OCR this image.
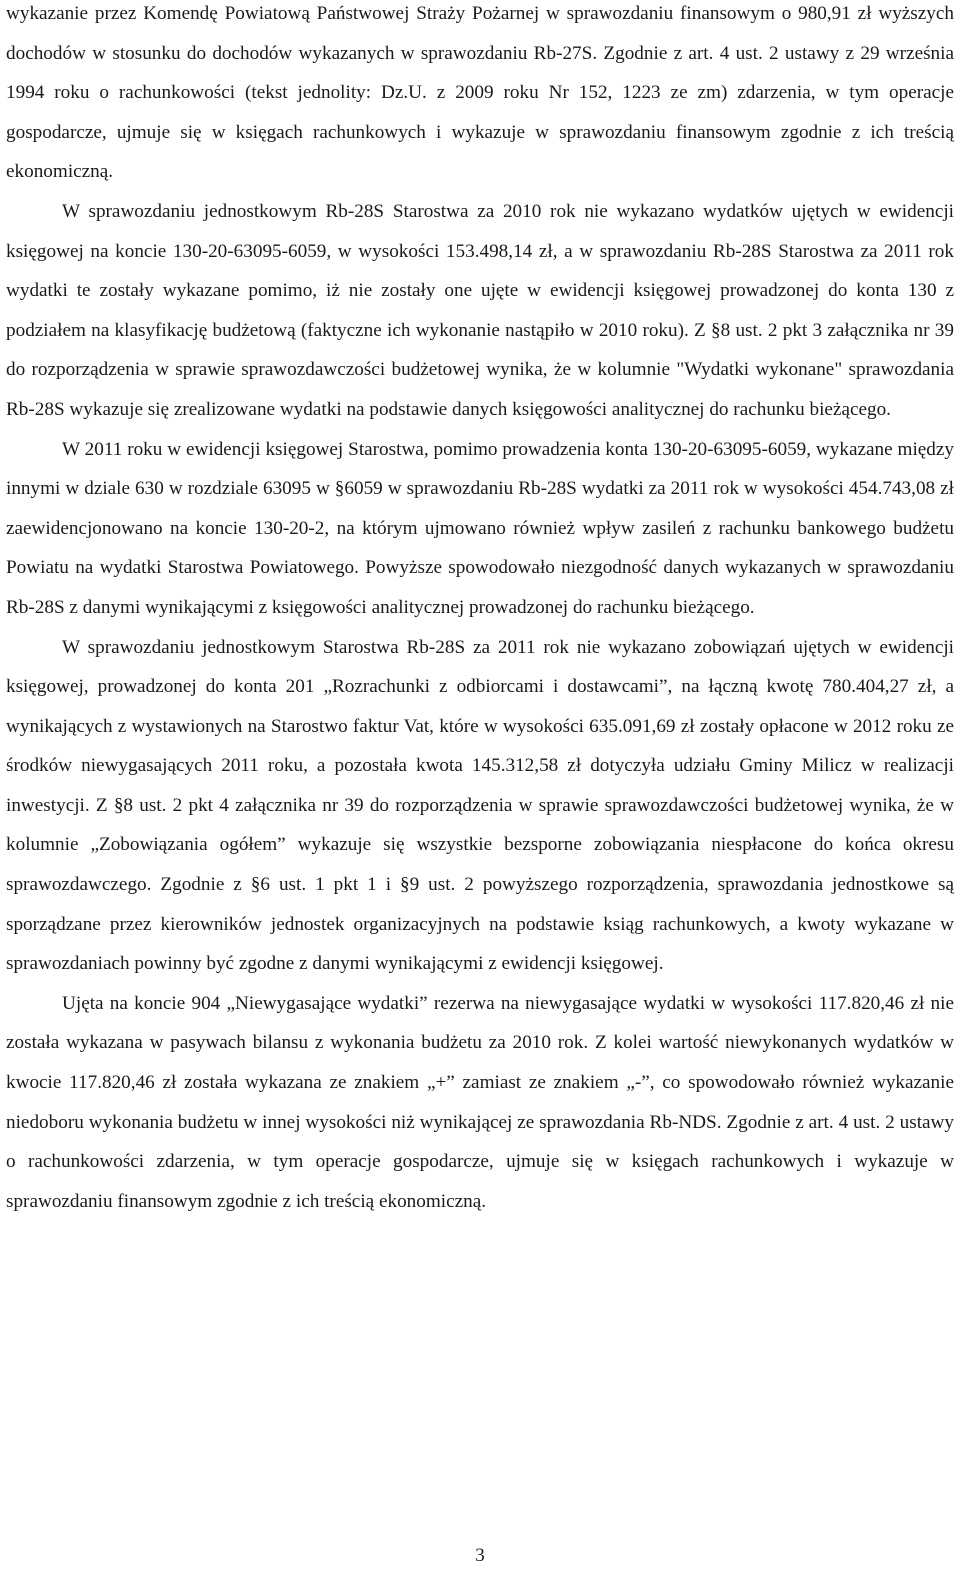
wykazanie przez Komendę Powiatową Państwowej Straży Pożarnej w sprawozdaniu finansowym o 980,91 zł wyższych dochodów w stosunku do dochodów wykazanych w sprawozdaniu Rb-27S. Zgodnie z art. 4 ust. 2 ustawy z 29 września 1994 roku o rachunkowości (tekst jednolity: Dz.U. z 2009 roku Nr 152, 1223 ze zm) zdarzenia, w tym operacje gospodarcze, ujmuje się w księgach rachunkowych i wykazuje w sprawozdaniu finansowym zgodnie z ich treścią ekonomiczną.

W sprawozdaniu jednostkowym Rb-28S Starostwa za 2010 rok nie wykazano wydatków ujętych w ewidencji księgowej na koncie 130-20-63095-6059, w wysokości 153.498,14 zł, a w sprawozdaniu Rb-28S Starostwa za 2011 rok wydatki te zostały wykazane pomimo, iż nie zostały one ujęte w ewidencji księgowej prowadzonej do konta 130 z podziałem na klasyfikację budżetową (faktyczne ich wykonanie nastąpiło w 2010 roku). Z §8 ust. 2 pkt 3 załącznika nr 39 do rozporządzenia w sprawie sprawozdawczości budżetowej wynika, że w kolumnie "Wydatki wykonane" sprawozdania Rb-28S wykazuje się zrealizowane wydatki na podstawie danych księgowości analitycznej do rachunku bieżącego.

W 2011 roku w ewidencji księgowej Starostwa, pomimo prowadzenia konta 130-20-63095-6059, wykazane między innymi w dziale 630 w rozdziale 63095 w §6059 w sprawozdaniu Rb-28S wydatki za 2011 rok w wysokości 454.743,08 zł zaewidencjonowano na koncie 130-20-2, na którym ujmowano również wpływ zasileń z rachunku bankowego budżetu Powiatu na wydatki Starostwa Powiatowego. Powyższe spowodowało niezgodność danych wykazanych w sprawozdaniu Rb-28S z danymi wynikającymi z księgowości analitycznej prowadzonej do rachunku bieżącego.

W sprawozdaniu jednostkowym Starostwa Rb-28S za 2011 rok nie wykazano zobowiązań ujętych w ewidencji księgowej, prowadzonej do konta 201 „Rozrachunki z odbiorcami i dostawcami”, na łączną kwotę 780.404,27 zł, a wynikających z wystawionych na Starostwo faktur Vat, które w wysokości 635.091,69 zł zostały opłacone w 2012 roku ze środków niewygasających 2011 roku, a pozostała kwota 145.312,58 zł dotyczyła udziału Gminy Milicz w realizacji inwestycji. Z §8 ust. 2 pkt 4 załącznika nr 39 do rozporządzenia w sprawie sprawozdawczości budżetowej wynika, że w kolumnie „Zobowiązania ogółem” wykazuje się wszystkie bezsporne zobowiązania niespłacone do końca okresu sprawozdawczego. Zgodnie z §6 ust. 1 pkt 1 i §9 ust. 2 powyższego rozporządzenia, sprawozdania jednostkowe są sporządzane przez kierowników jednostek organizacyjnych na podstawie ksiąg rachunkowych, a kwoty wykazane w sprawozdaniach powinny być zgodne z danymi wynikającymi z ewidencji księgowej.

Ujęta na koncie 904 „Niewygasające wydatki” rezerwa na niewygasające wydatki w wysokości 117.820,46 zł nie została wykazana w pasywach bilansu z wykonania budżetu za 2010 rok. Z kolei wartość niewykonanych wydatków w kwocie 117.820,46 zł została wykazana ze znakiem „+” zamiast ze znakiem „-”, co spowodowało również wykazanie niedoboru wykonania budżetu w innej wysokości niż wynikającej ze sprawozdania Rb-NDS. Zgodnie z art. 4 ust. 2 ustawy o rachunkowości zdarzenia, w tym operacje gospodarcze, ujmuje się w księgach rachunkowych i wykazuje w sprawozdaniu finansowym zgodnie z ich treścią ekonomiczną.

3
